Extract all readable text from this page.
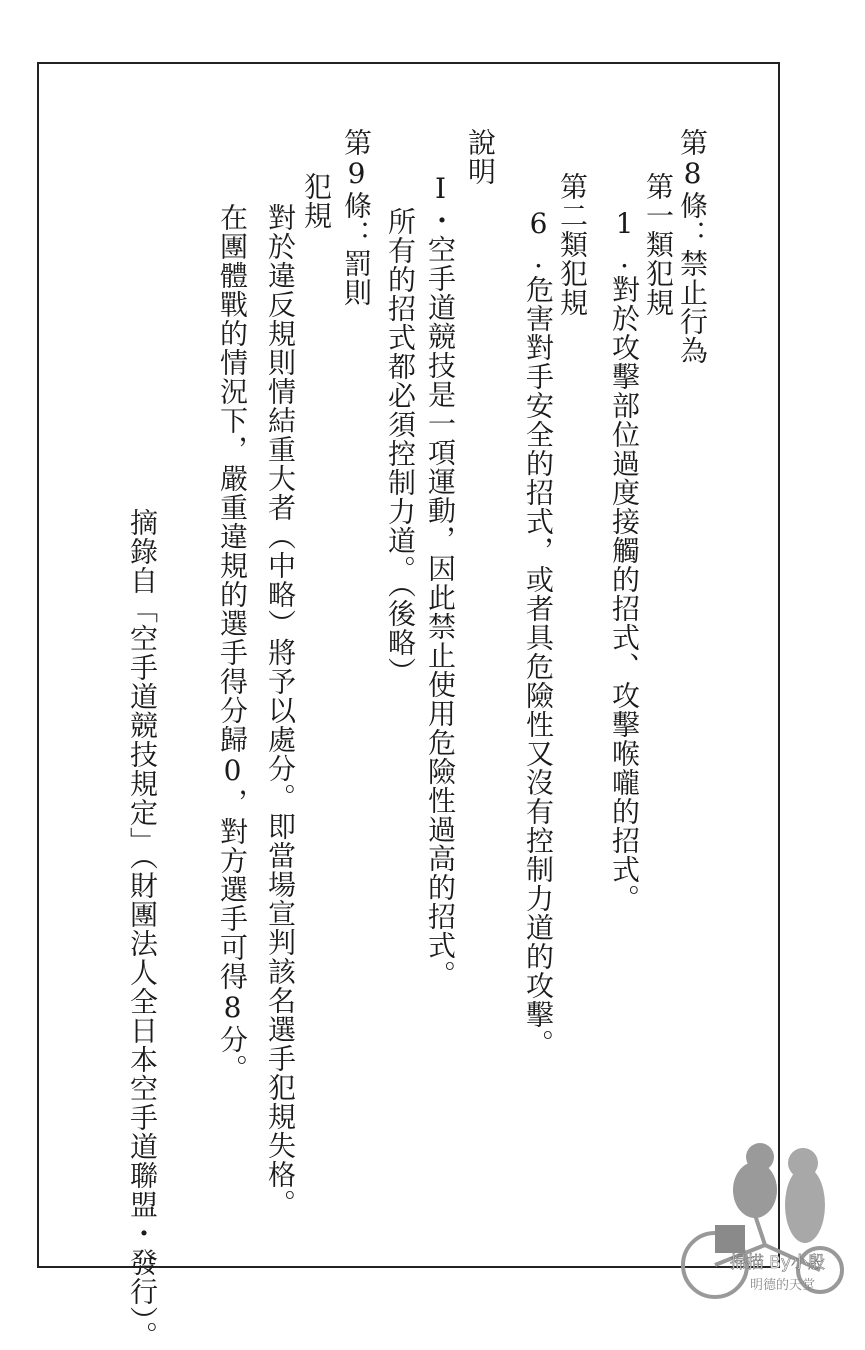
第8條：禁止行為
第一類犯規
1.對於攻擊部位過度接觸的招式、攻擊喉嚨的招式。
第二類犯規
6.危害對手安全的招式，或者具危險性又沒有控制力道的攻擊。
說明
Ⅰ・空手道競技是一項運動，因此禁止使用危險性過高的招式。
所有的招式都必須控制力道。（後略）
第9條：罰則
犯規
對於違反規則情結重大者（中略）將予以處分。即當場宣判該名選手犯規失格。
在團體戰的情況下，嚴重違規的選手得分歸0，對方選手可得8分。
摘錄自「空手道競技規定」（財團法人全日本空手道聯盟・發行）。	掃描 By小殷
明德的天堂
